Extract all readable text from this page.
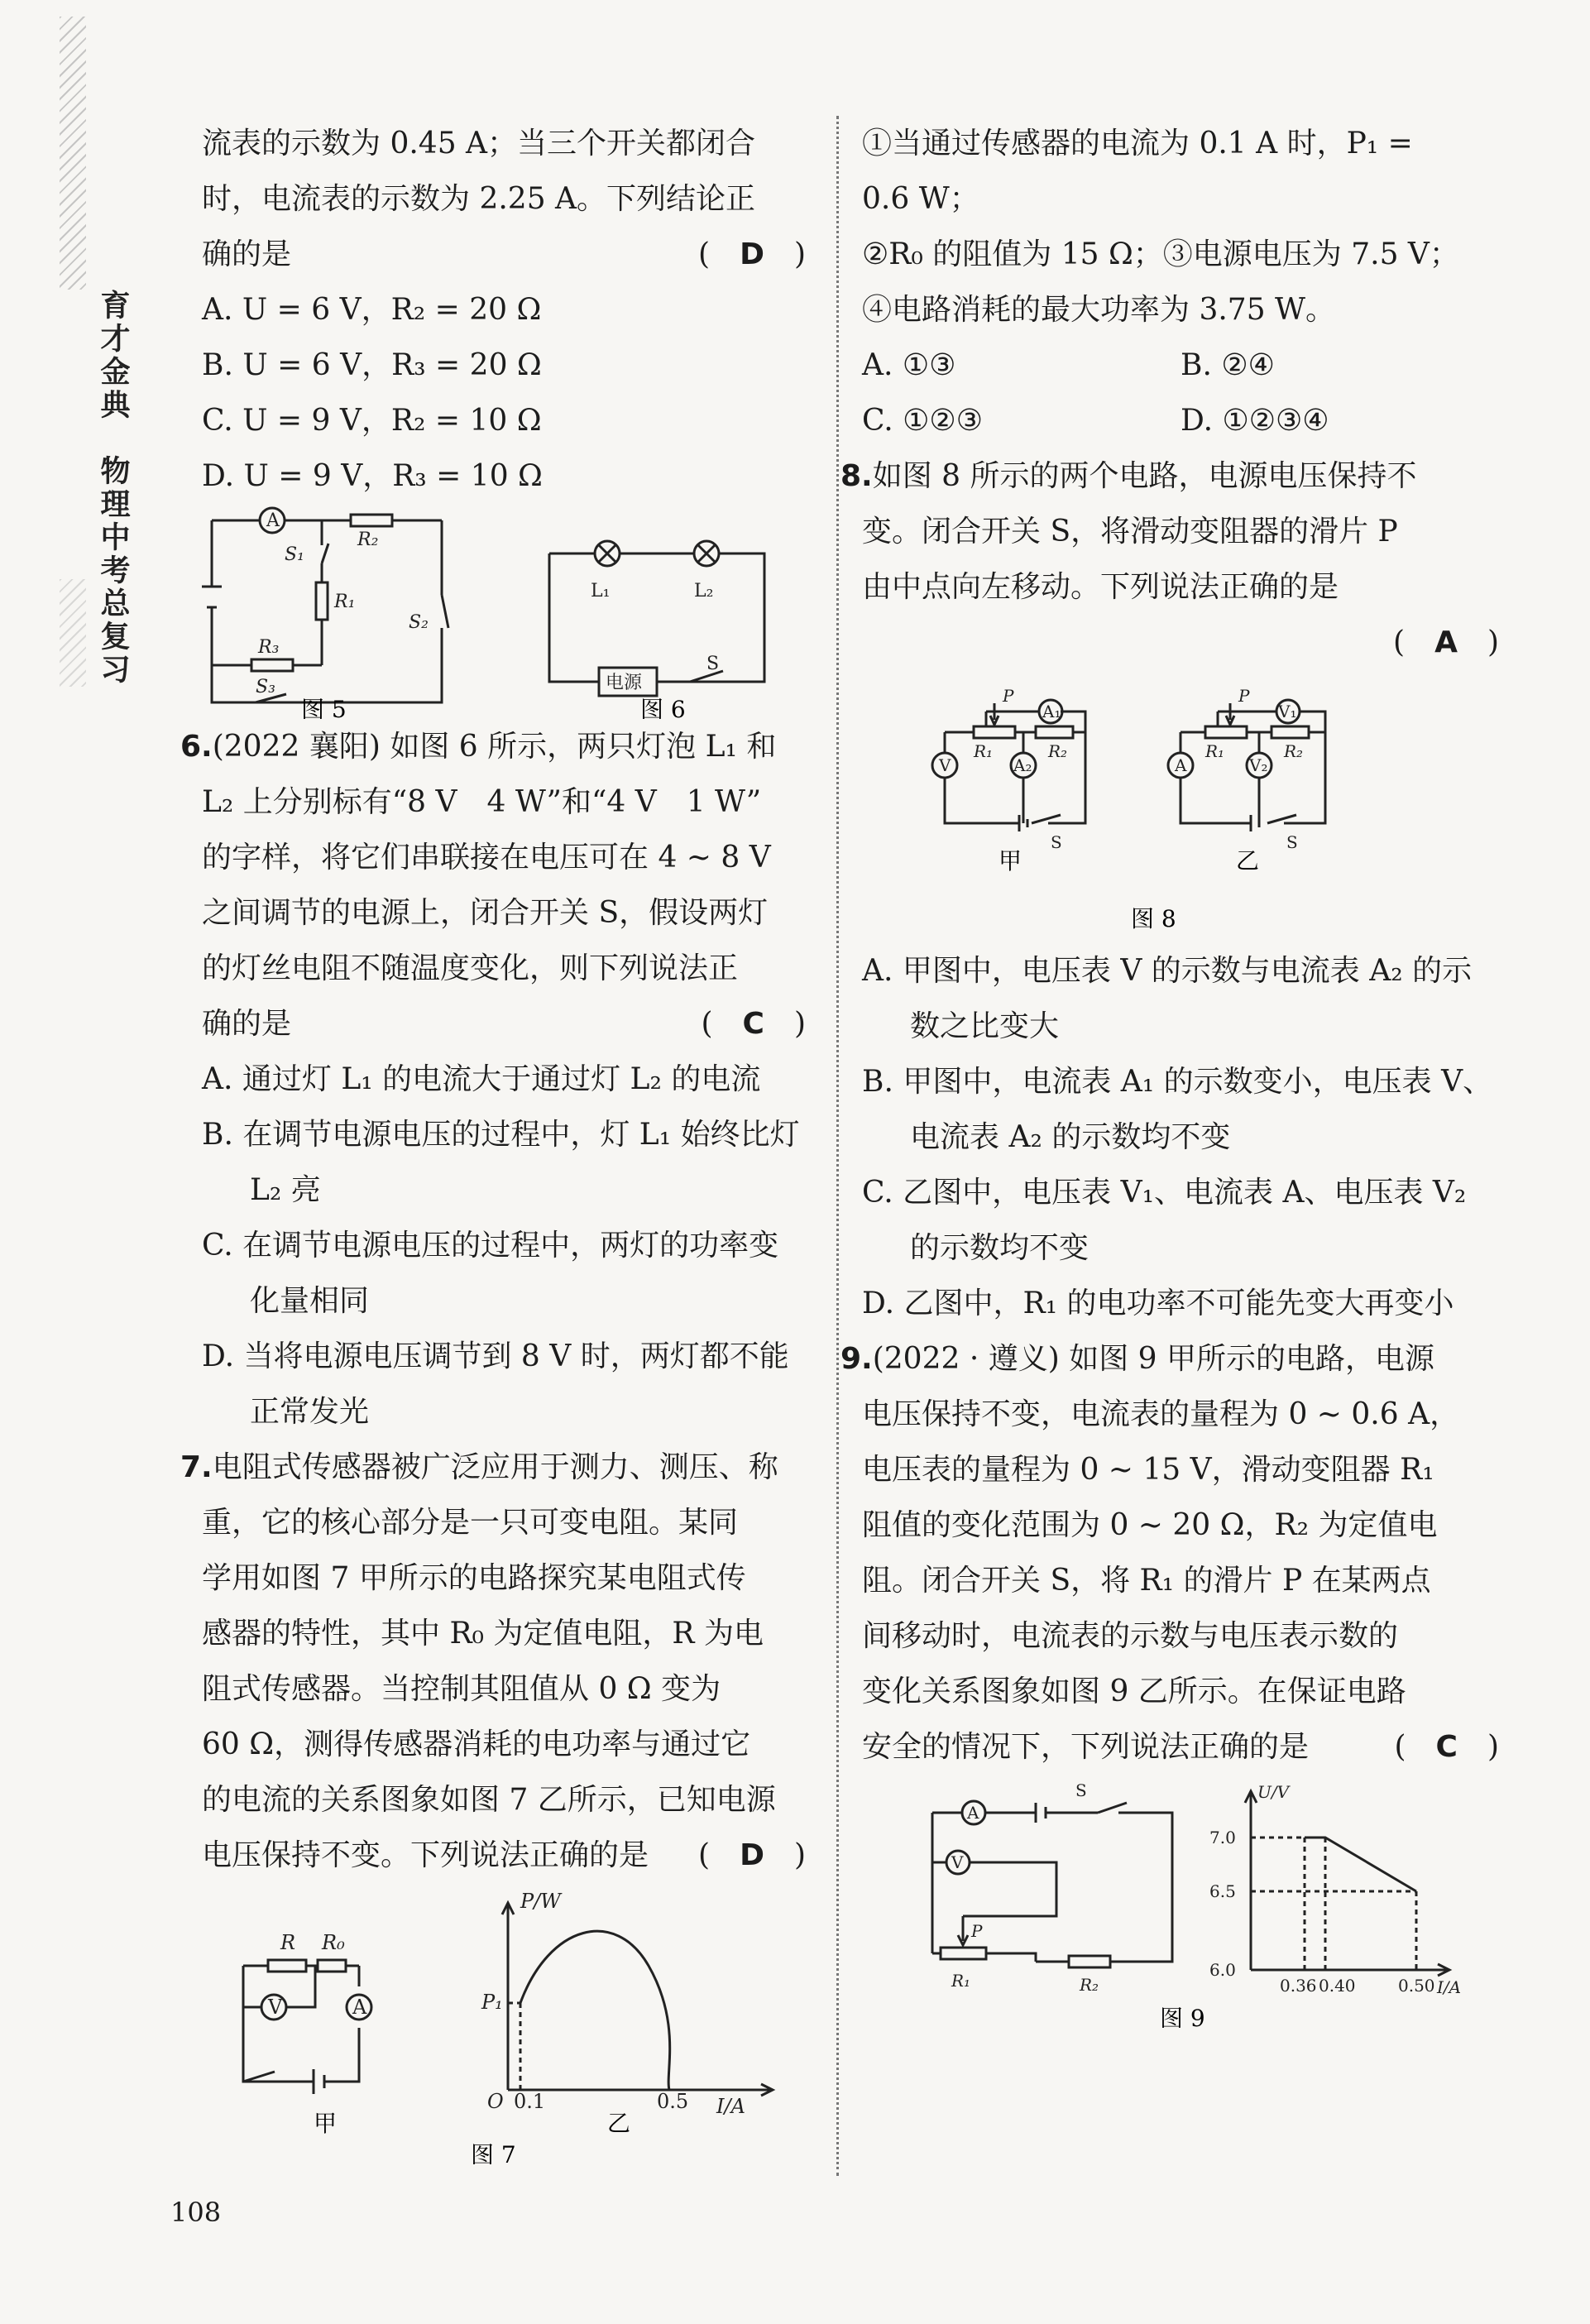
育才金典　物理中考总复习

流表的示数为 0.45 A；当三个开关都闭合

时，电流表的示数为 2.25 A。下列结论正

确的是	(　D　)

A. U = 6 V，R₂ = 20 Ω

B. U = 6 V，R₃ = 20 Ω

C. U = 9 V，R₂ = 10 Ω

D. U = 9 V，R₃ = 10 Ω

A
R₂
S₁
R₁
S₂
R₃
S₃
L₁	L₂
电源
S
图 5	图 6

6.(2022 襄阳) 如图 6 所示，两只灯泡 L₁ 和

L₂ 上分别标有“8 V　4 W”和“4 V　1 W”

的字样，将它们串联接在电压可在 4 ~ 8 V

之间调节的电源上，闭合开关 S，假设两灯

的灯丝电阻不随温度变化，则下列说法正

确的是	(　C　)

A. 通过灯 L₁ 的电流大于通过灯 L₂ 的电流

B. 在调节电源电压的过程中，灯 L₁ 始终比灯 L₂ 亮

C. 在调节电源电压的过程中，两灯的功率变化量相同

D. 当将电源电压调节到 8 V 时，两灯都不能正常发光

7.电阻式传感器被广泛应用于测力、测压、称

重，它的核心部分是一只可变电阻。某同

学用如图 7 甲所示的电路探究某电阻式传

感器的特性，其中 R₀ 为定值电阻，R 为电

阻式传感器。当控制其阻值从 0 Ω 变为

60 Ω，测得传感器消耗的电功率与通过它

的电流的关系图象如图 7 乙所示，已知电源

电压保持不变。下列说法正确的是 (　D　)
R R₀
V	A
P/W
P₁
O 0.1	0.5 I/A
甲	乙
图 7

①当通过传感器的电流为 0.1 A 时，P₁ =

0.6 W；

②R₀ 的阻值为 15 Ω；③电源电压为 7.5 V；

④电路消耗的最大功率为 3.75 W。

A. ①③	B. ②④
C. ①②③	D. ①②③④

8.如图 8 所示的两个电路，电源电压保持不

变。闭合开关 S，将滑动变阻器的滑片 P

由中点向左移动。下列说法正确的是

(　A　)
A₁
P
R₁	R₂
V	A₂
S
V₁
P
R₁	R₂
A	V₂
S
甲	乙
图 8

A. 甲图中，电压表 V 的示数与电流表 A₂ 的示数之比变大

B. 甲图中，电流表 A₁ 的示数变小，电压表 V、电流表 A₂ 的示数均不变

C. 乙图中，电压表 V₁、电流表 A、电压表 V₂ 的示数均不变

D. 乙图中，R₁ 的电功率不可能先变大再变小

9.(2022 · 遵义) 如图 9 甲所示的电路，电源

电压保持不变，电流表的量程为 0 ~ 0.6 A，

电压表的量程为 0 ~ 15 V，滑动变阻器 R₁

阻值的变化范围为 0 ~ 20 Ω，R₂ 为定值电

阻。闭合开关 S，将 R₁ 的滑片 P 在某两点

间移动时，电流表的示数与电压表示数的

变化关系图象如图 9 乙所示。在保证电路

安全的情况下，下列说法正确的是	(　C　)
A
S
V
P
R₁	R₂
U/V
7.0
6.5
6.0
0.36 0.40	0.50 I/A
图 9
108
